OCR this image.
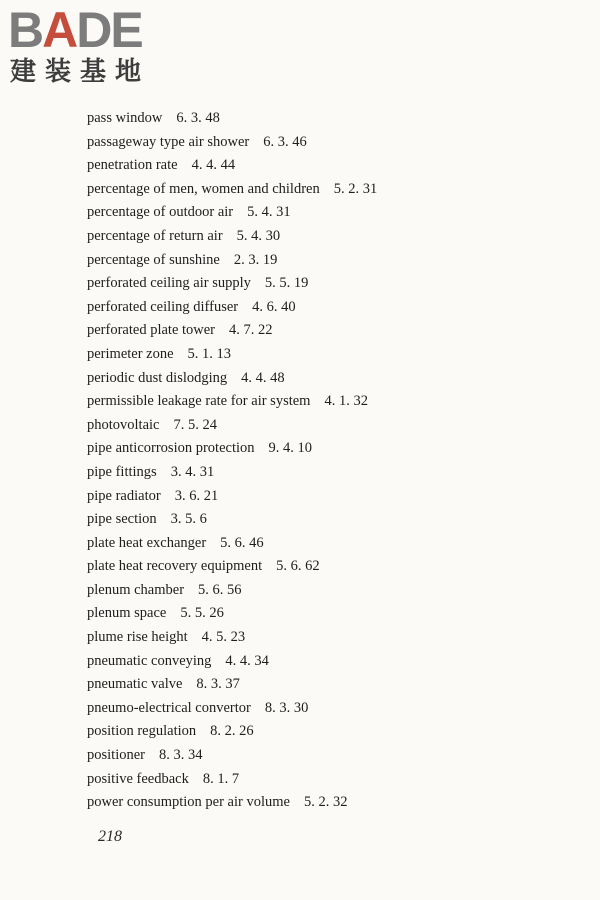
BADE
建装基地
pass window 6. 3. 48
passageway type air shower 6. 3. 46
penetration rate 4. 4. 44
percentage of men, women and children 5. 2. 31
percentage of outdoor air 5. 4. 31
percentage of return air 5. 4. 30
percentage of sunshine 2. 3. 19
perforated ceiling air supply 5. 5. 19
perforated ceiling diffuser 4. 6. 40
perforated plate tower 4. 7. 22
perimeter zone 5. 1. 13
periodic dust dislodging 4. 4. 48
permissible leakage rate for air system 4. 1. 32
photovoltaic 7. 5. 24
pipe anticorrosion protection 9. 4. 10
pipe fittings 3. 4. 31
pipe radiator 3. 6. 21
pipe section 3. 5. 6
plate heat exchanger 5. 6. 46
plate heat recovery equipment 5. 6. 62
plenum chamber 5. 6. 56
plenum space 5. 5. 26
plume rise height 4. 5. 23
pneumatic conveying 4. 4. 34
pneumatic valve 8. 3. 37
pneumo-electrical convertor 8. 3. 30
position regulation 8. 2. 26
positioner 8. 3. 34
positive feedback 8. 1. 7
power consumption per air volume 5. 2. 32
218
